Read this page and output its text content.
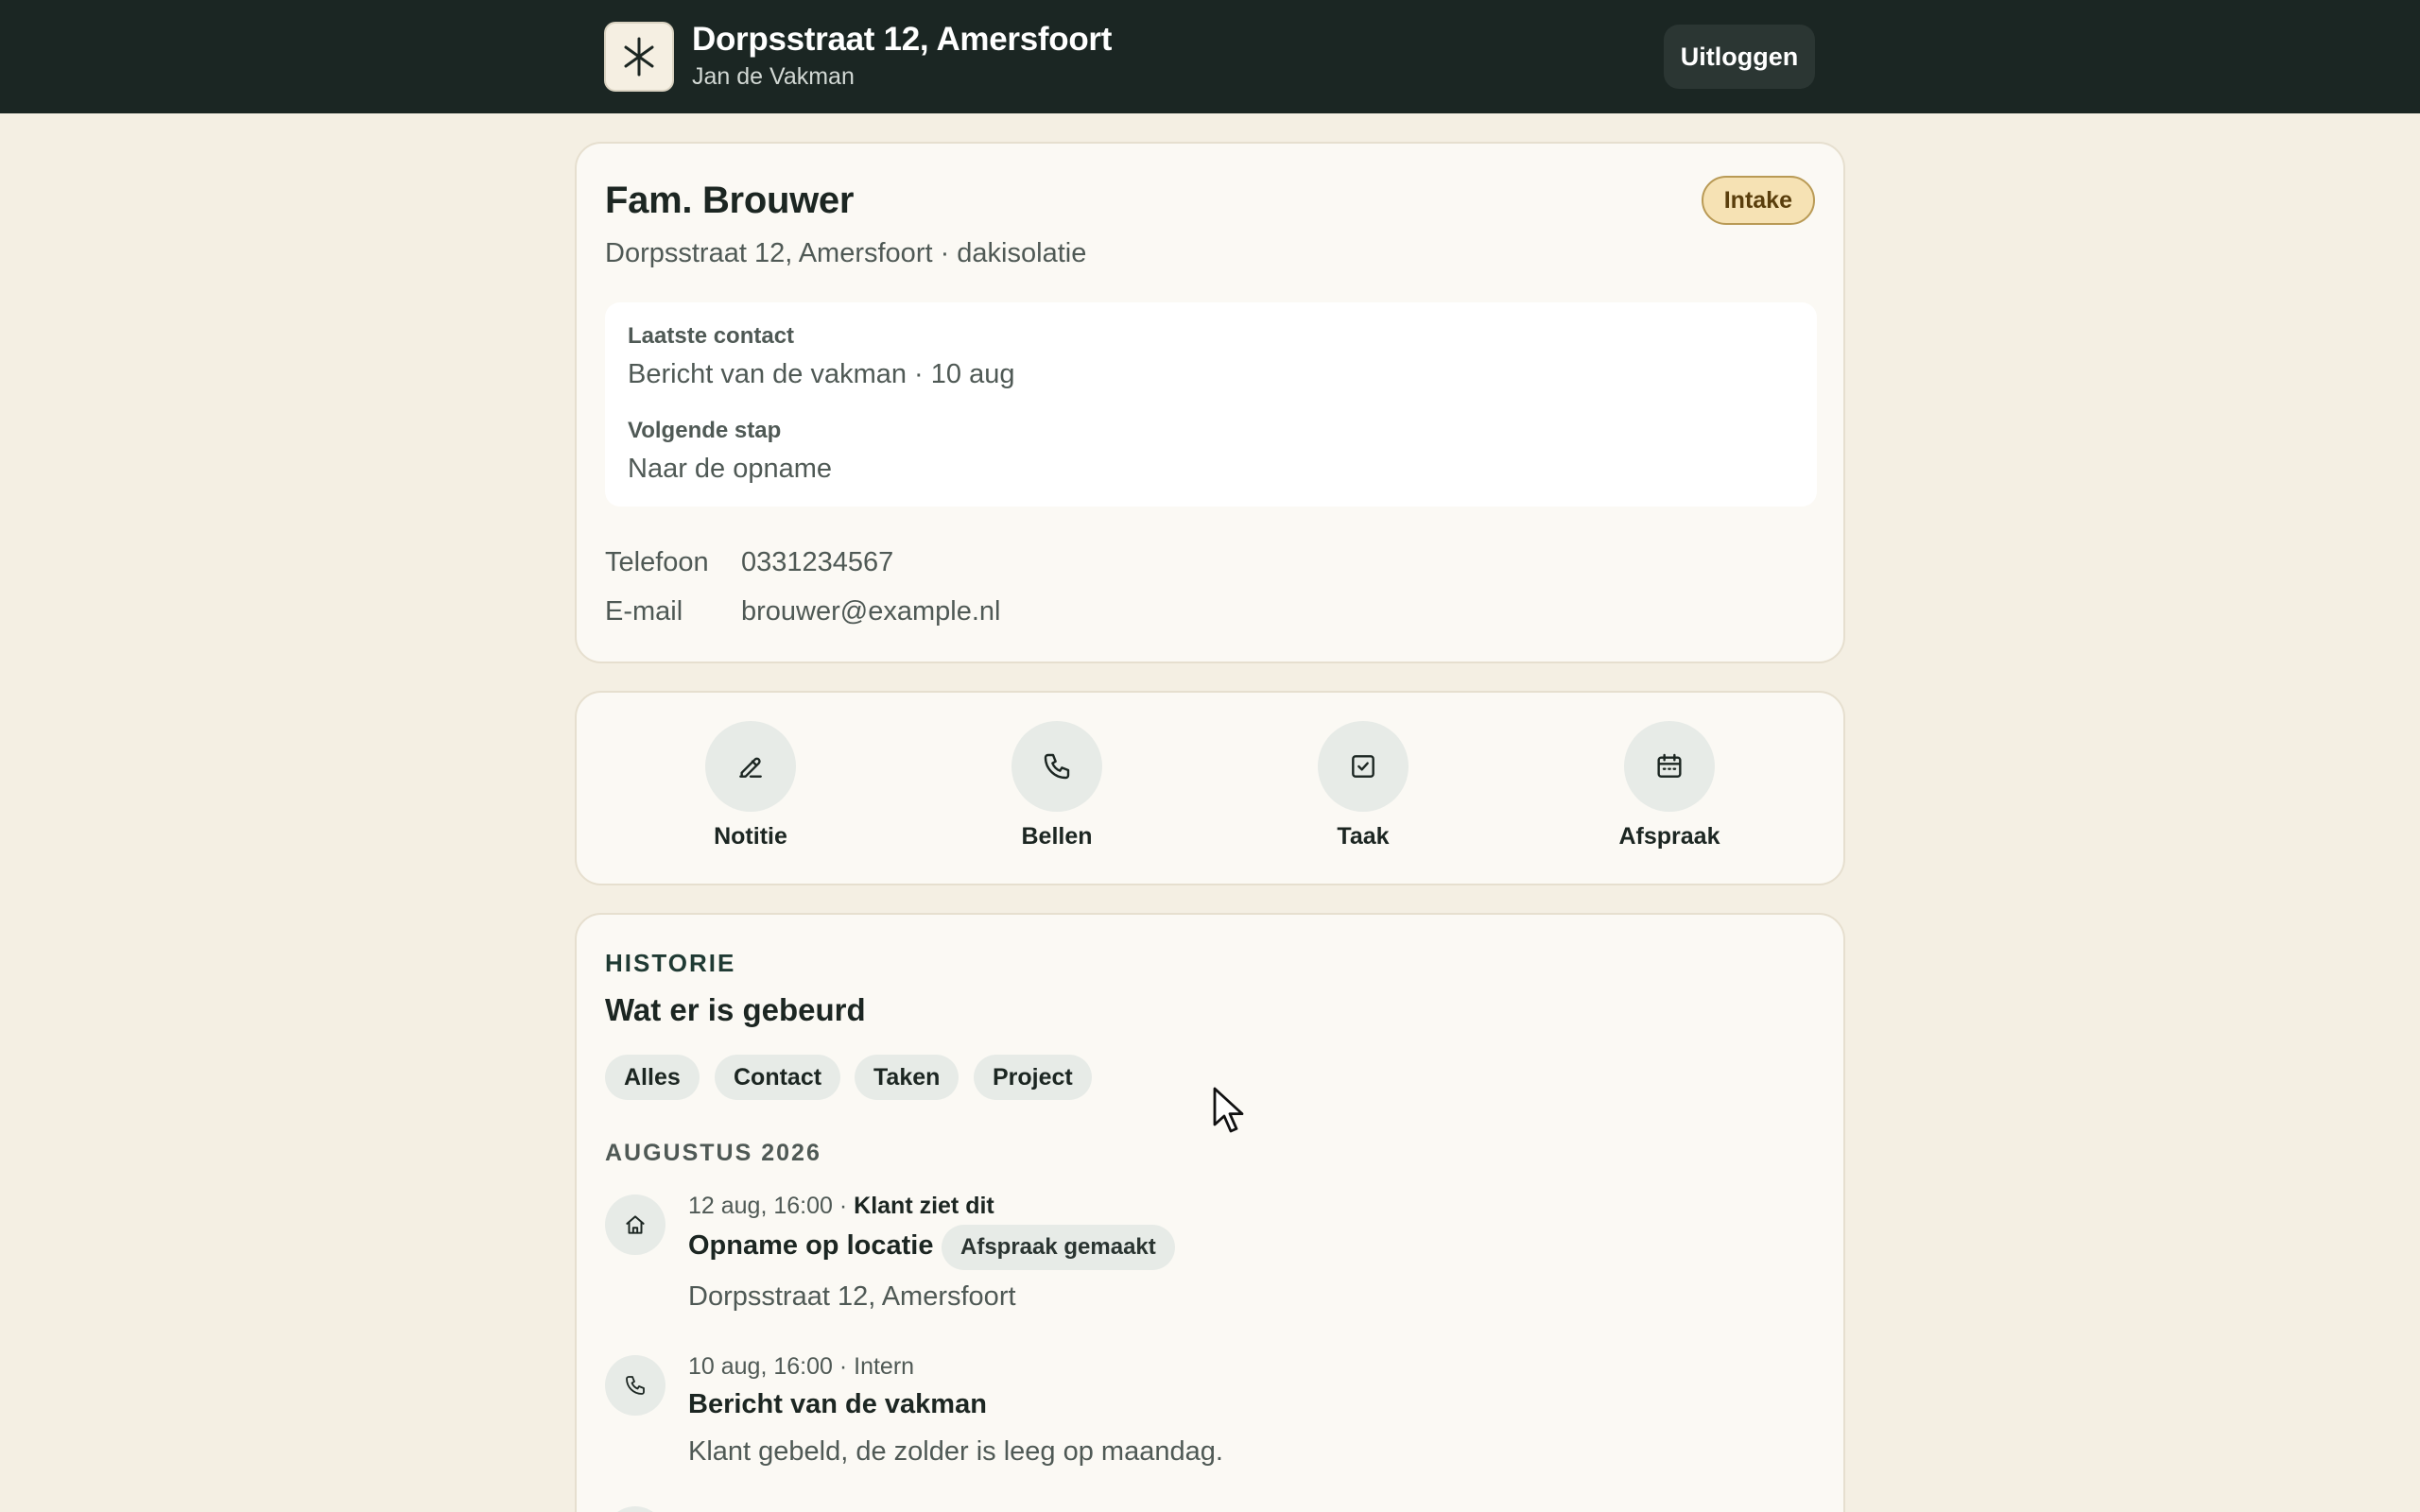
Dorpsstraat 12, Amersfoort
Jan de Vakman
Uitloggen
Fam. Brouwer	Intake
Dorpsstraat 12, Amersfoort · dakisolatie
Laatste contact
Bericht van de vakman · 10 aug
Volgende stap
Naar de opname
Telefoon 0331234567
E-mail brouwer@example.nl
Notitie	Bellen	Taak	Afspraak
HISTORIE
Wat er is gebeurd
Alles	Contact	Taken	Project
AUGUSTUS 2026
12 aug, 16:00 · Klant ziet dit
Opname op locatie	Afspraak gemaakt
Dorpsstraat 12, Amersfoort
10 aug, 16:00 · Intern
Bericht van de vakman
Klant gebeld, de zolder is leeg op maandag.
